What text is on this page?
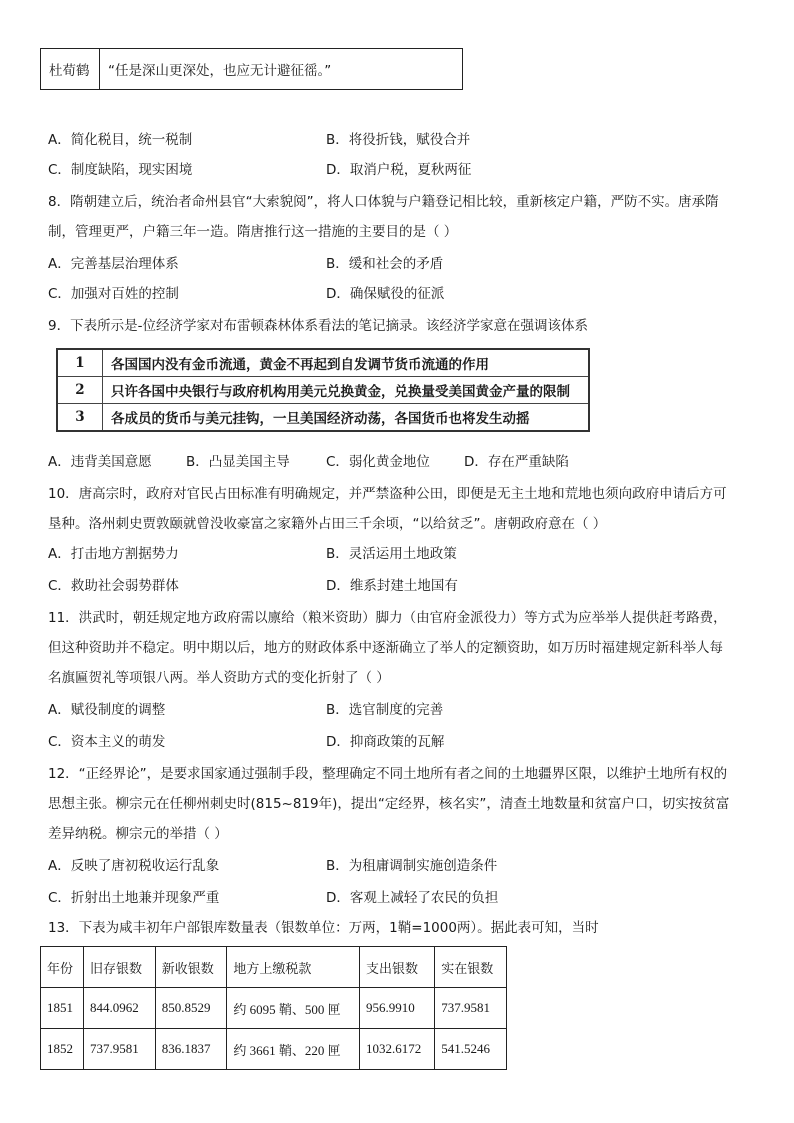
杜荀鹤	“任是深山更深处，也应无计避征徭。”
A．简化税目，统一税制	B．将役折钱，赋役合并
C．制度缺陷，现实困境	D．取消户税，夏秋两征
8．隋朝建立后，统治者命州县官“大索貌阅”，将人口体貌与户籍登记相比较，重新核定户籍，严防不实。唐承隋
制，管理更严，户籍三年一造。隋唐推行这一措施的主要目的是（ ）
A．完善基层治理体系	B．缓和社会的矛盾
C．加强对百姓的控制	D．确保赋役的征派
9．下表所示是-位经济学家对布雷顿森林体系看法的笔记摘录。该经济学家意在强调该体系
1	各国国内没有金币流通，黄金不再起到自发调节货币流通的作用
2	只许各国中央银行与政府机构用美元兑换黄金，兑换量受美国黄金产量的限制
3	各成员的货币与美元挂钩，一旦美国经济动荡，各国货币也将发生动摇
A．违背美国意愿	B．凸显美国主导	C．弱化黄金地位	D．存在严重缺陷
10．唐高宗时，政府对官民占田标准有明确规定，并严禁盗种公田，即便是无主土地和荒地也须向政府申请后方可
垦种。洛州刺史贾敦颐就曾没收豪富之家籍外占田三千余顷，“以给贫乏”。唐朝政府意在（ ）
A．打击地方割据势力	B．灵活运用土地政策
C．救助社会弱势群体	D．维系封建土地国有
11．洪武时，朝廷规定地方政府需以廪给（粮米资助）脚力（由官府金派役力）等方式为应举举人提供赶考路费，
但这种资助并不稳定。明中期以后，地方的财政体系中逐渐确立了举人的定额资助，如万历时福建规定新科举人每
名旗匾贺礼等项银八两。举人资助方式的变化折射了（ ）
A．赋役制度的调整	B．选官制度的完善
C．资本主义的萌发	D．抑商政策的瓦解
12．“正经界论”，是要求国家通过强制手段，整理确定不同土地所有者之间的土地疆界区限，以维护土地所有权的
思想主张。柳宗元在任柳州刺史时(815~819年)，提出“定经界，核名实”，清查土地数量和贫富户口，切实按贫富
差异纳税。柳宗元的举措（ ）
A．反映了唐初税收运行乱象	B．为租庸调制实施创造条件
C．折射出土地兼并现象严重	D．客观上减轻了农民的负担
13．下表为咸丰初年户部银库数量表（银数单位：万两，1鞘=1000两）。据此表可知，当时
年份	旧存银数	新收银数	地方上缴税款	支出银数	实在银数
1851	844.0962	850.8529	约 6095 鞘、500 匣	956.9910	737.9581
1852	737.9581	836.1837	约 3661 鞘、220 匣	1032.6172	541.5246
